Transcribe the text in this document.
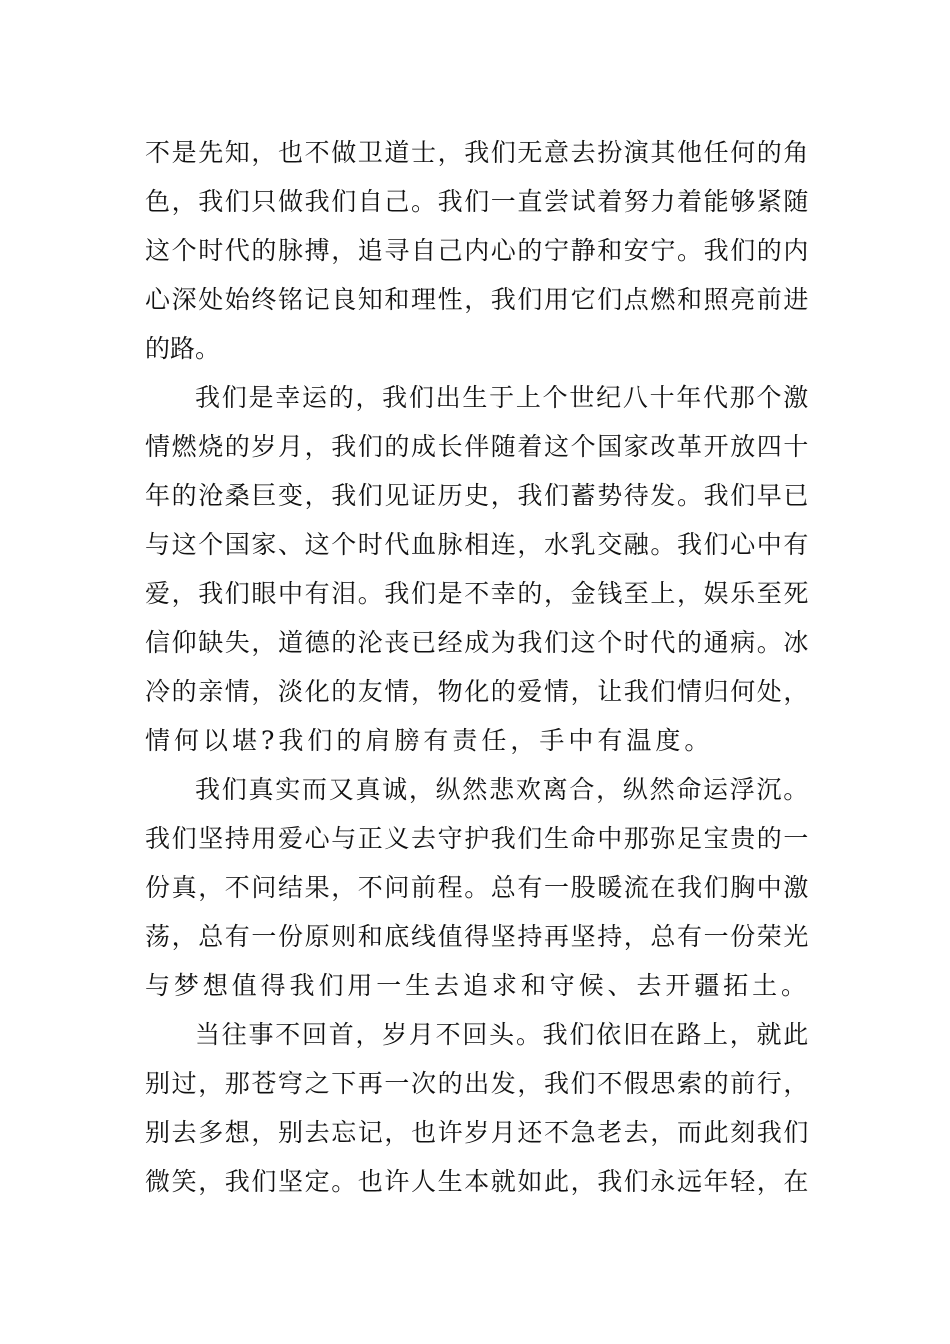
不是先知，也不做卫道士，我们无意去扮演其他任何的角
色，我们只做我们自己。我们一直尝试着努力着能够紧随
这个时代的脉搏，追寻自己内心的宁静和安宁。我们的内
心深处始终铭记良知和理性，我们用它们点燃和照亮前进
的路。
我们是幸运的，我们出生于上个世纪八十年代那个激
情燃烧的岁月，我们的成长伴随着这个国家改革开放四十
年的沧桑巨变，我们见证历史，我们蓄势待发。我们早已
与这个国家、这个时代血脉相连，水乳交融。我们心中有
爱，我们眼中有泪。我们是不幸的，金钱至上，娱乐至死
信仰缺失，道德的沦丧已经成为我们这个时代的通病。冰
冷的亲情，淡化的友情，物化的爱情，让我们情归何处，
情何以堪?我们的肩膀有责任，手中有温度。
我们真实而又真诚，纵然悲欢离合，纵然命运浮沉。
我们坚持用爱心与正义去守护我们生命中那弥足宝贵的一
份真，不问结果，不问前程。总有一股暖流在我们胸中激
荡，总有一份原则和底线值得坚持再坚持，总有一份荣光
与梦想值得我们用一生去追求和守候、去开疆拓土。
当往事不回首，岁月不回头。我们依旧在路上，就此
别过，那苍穹之下再一次的出发，我们不假思索的前行，
别去多想，别去忘记，也许岁月还不急老去，而此刻我们
微笑，我们坚定。也许人生本就如此，我们永远年轻，在
